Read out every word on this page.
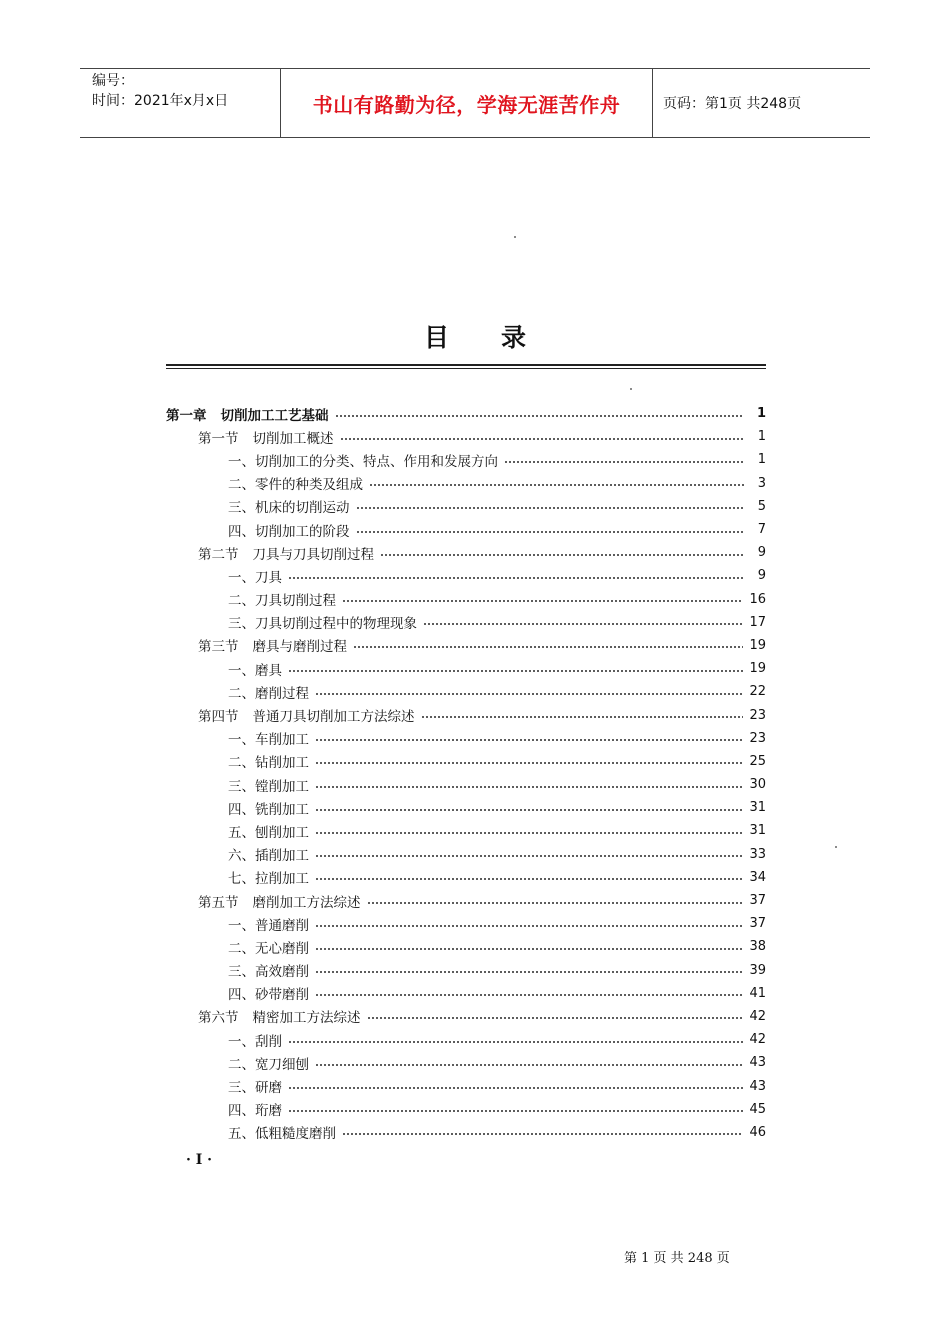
编号：
时间：2021年x月x日	书山有路勤为径，学海无涯苦作舟	页码：第1页 共248页
目录
第一章 切削加工工艺基础	1
第一节 切削加工概述	1
一、切削加工的分类、特点、作用和发展方向	1
二、零件的种类及组成	3
三、机床的切削运动	5
四、切削加工的阶段	7
第二节 刀具与刀具切削过程	9
一、刀具	9
二、刀具切削过程	16
三、刀具切削过程中的物理现象	17
第三节 磨具与磨削过程	19
一、磨具	19
二、磨削过程	22
第四节 普通刀具切削加工方法综述	23
一、车削加工	23
二、钻削加工	25
三、镗削加工	30
四、铣削加工	31
五、刨削加工	31
六、插削加工	33
七、拉削加工	34
第五节 磨削加工方法综述	37
一、普通磨削	37
二、无心磨削	38
三、高效磨削	39
四、砂带磨削	41
第六节 精密加工方法综述	42
一、刮削	42
二、宽刀细刨	43
三、研磨	43
四、珩磨	45
五、低粗糙度磨削	46
· Ⅰ ·
第 1 页 共 248 页
